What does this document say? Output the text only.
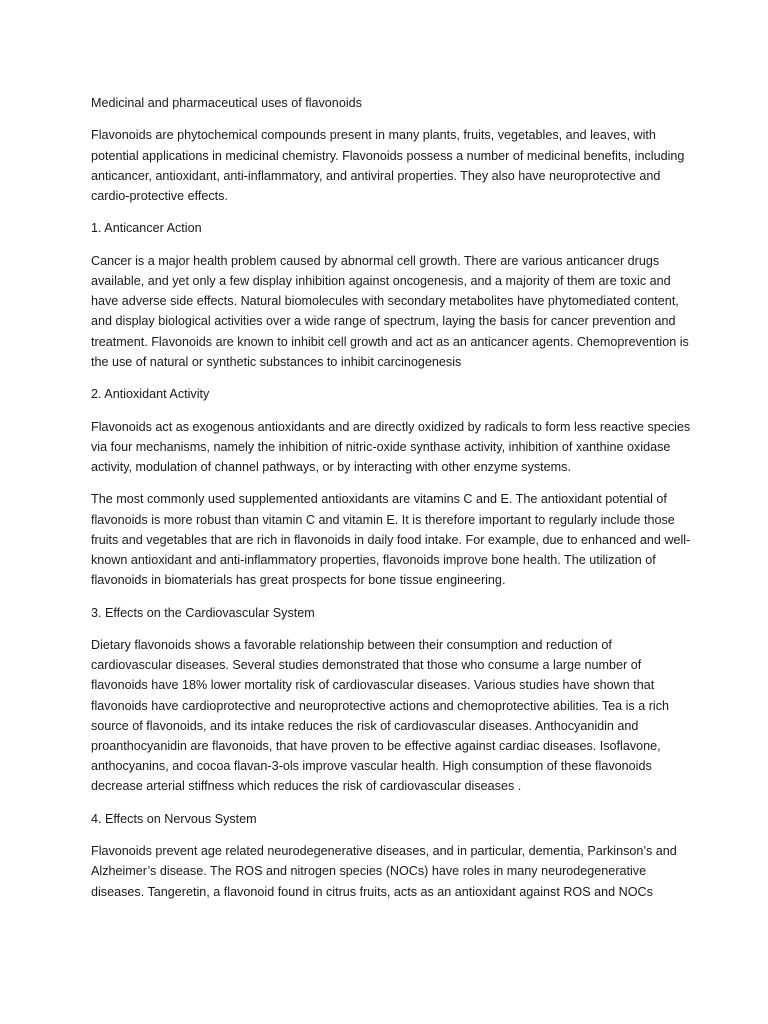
Medicinal and pharmaceutical uses of flavonoids

Flavonoids are phytochemical compounds present in many plants, fruits, vegetables, and leaves, with potential applications in medicinal chemistry. Flavonoids possess a number of medicinal benefits, including anticancer, antioxidant, anti-inflammatory, and antiviral properties. They also have neuroprotective and cardio-protective effects.

1. Anticancer Action

Cancer is a major health problem caused by abnormal cell growth. There are various anticancer drugs available, and yet only a few display inhibition against oncogenesis, and a majority of them are toxic and have adverse side effects. Natural biomolecules with secondary metabolites have phytomediated content, and display biological activities over a wide range of spectrum, laying the basis for cancer prevention and treatment. Flavonoids are known to inhibit cell growth and act as an anticancer agents. Chemoprevention is the use of natural or synthetic substances to inhibit carcinogenesis

2. Antioxidant Activity

Flavonoids act as exogenous antioxidants and are directly oxidized by radicals to form less reactive species via four mechanisms, namely the inhibition of nitric-oxide synthase activity, inhibition of xanthine oxidase activity, modulation of channel pathways, or by interacting with other enzyme systems.

The most commonly used supplemented antioxidants are vitamins C and E. The antioxidant potential of flavonoids is more robust than vitamin C and vitamin E. It is therefore important to regularly include those fruits and vegetables that are rich in flavonoids in daily food intake. For example, due to enhanced and well-known antioxidant and anti-inflammatory properties, flavonoids improve bone health. The utilization of flavonoids in biomaterials has great prospects for bone tissue engineering.

3. Effects on the Cardiovascular System

Dietary flavonoids shows a favorable relationship between their consumption and reduction of cardiovascular diseases. Several studies demonstrated that those who consume a large number of flavonoids have 18% lower mortality risk of cardiovascular diseases. Various studies have shown that flavonoids have cardioprotective and neuroprotective actions and chemoprotective abilities. Tea is a rich source of flavonoids, and its intake reduces the risk of cardiovascular diseases. Anthocyanidin and proanthocyanidin are flavonoids, that have proven to be effective against cardiac diseases. Isoflavone, anthocyanins, and cocoa flavan-3-ols improve vascular health. High consumption of these flavonoids decrease arterial stiffness which reduces the risk of cardiovascular diseases .

4. Effects on Nervous System

Flavonoids prevent age related neurodegenerative diseases, and in particular, dementia, Parkinson’s and Alzheimer’s disease. The ROS and nitrogen species (NOCs) have roles in many neurodegenerative diseases. Tangeretin, a flavonoid found in citrus fruits, acts as an antioxidant against ROS and NOCs
